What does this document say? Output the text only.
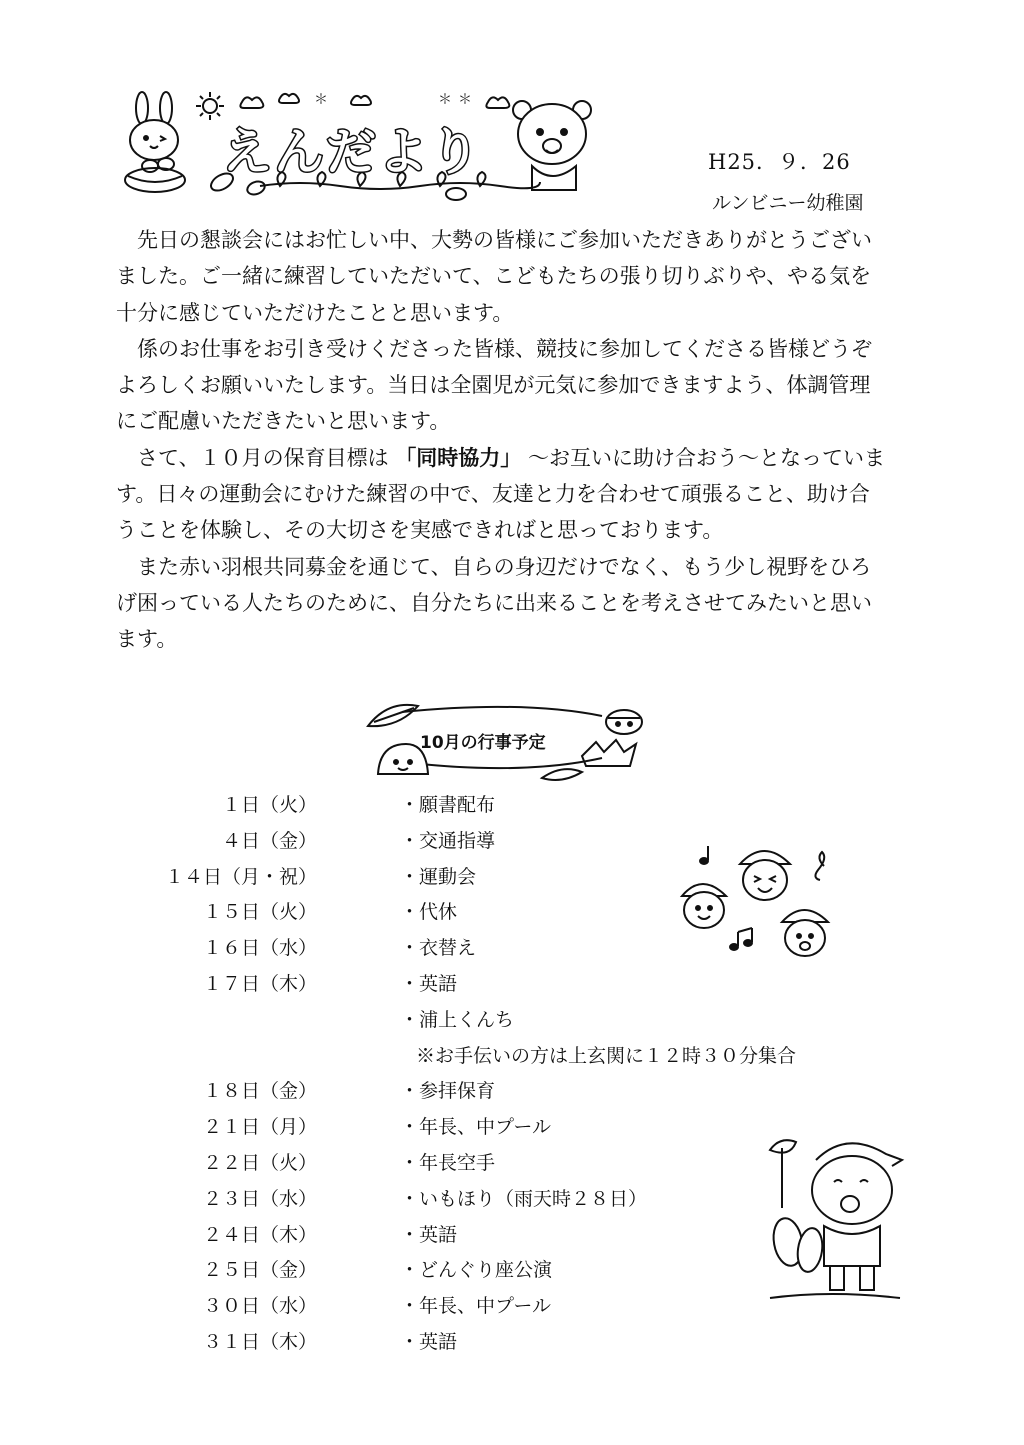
＊	＊ ＊
えんだより	H25．９．26
ルンビニー幼稚園

先日の懇談会にはお忙しい中、大勢の皆様にご参加いただきありがとうございました。ご一緒に練習していただいて、こどもたちの張り切りぶりや、やる気を十分に感じていただけたことと思います。

係のお仕事をお引き受けくださった皆様、競技に参加してくださる皆様どうぞよろしくお願いいたします。当日は全園児が元気に参加できますよう、体調管理にご配慮いただきたいと思います。

さて、１０月の保育目標は 「同時協力」 ～お互いに助け合おう～となっています。日々の運動会にむけた練習の中で、友達と力を合わせて頑張ること、助け合うことを体験し、その大切さを実感できればと思っております。

また赤い羽根共同募金を通じて、自らの身辺だけでなく、もう少し視野をひろげ困っている人たちのために、自分たちに出来ることを考えさせてみたいと思います。

10月の行事予定
１日（火）	・願書配布
４日（金）	・交通指導
１４日（月・祝）	・運動会
１５日（火）	・代休
１６日（水）	・衣替え
１７日（木）	・英語
・浦上くんち
※お手伝いの方は上玄関に１２時３０分集合
１８日（金）	・参拝保育
２１日（月）	・年長、中プール
２２日（火）	・年長空手
２３日（水）	・いもほり（雨天時２８日）
２４日（木）	・英語
２５日（金）	・どんぐり座公演
３０日（水）	・年長、中プール
３１日（木）	・英語
